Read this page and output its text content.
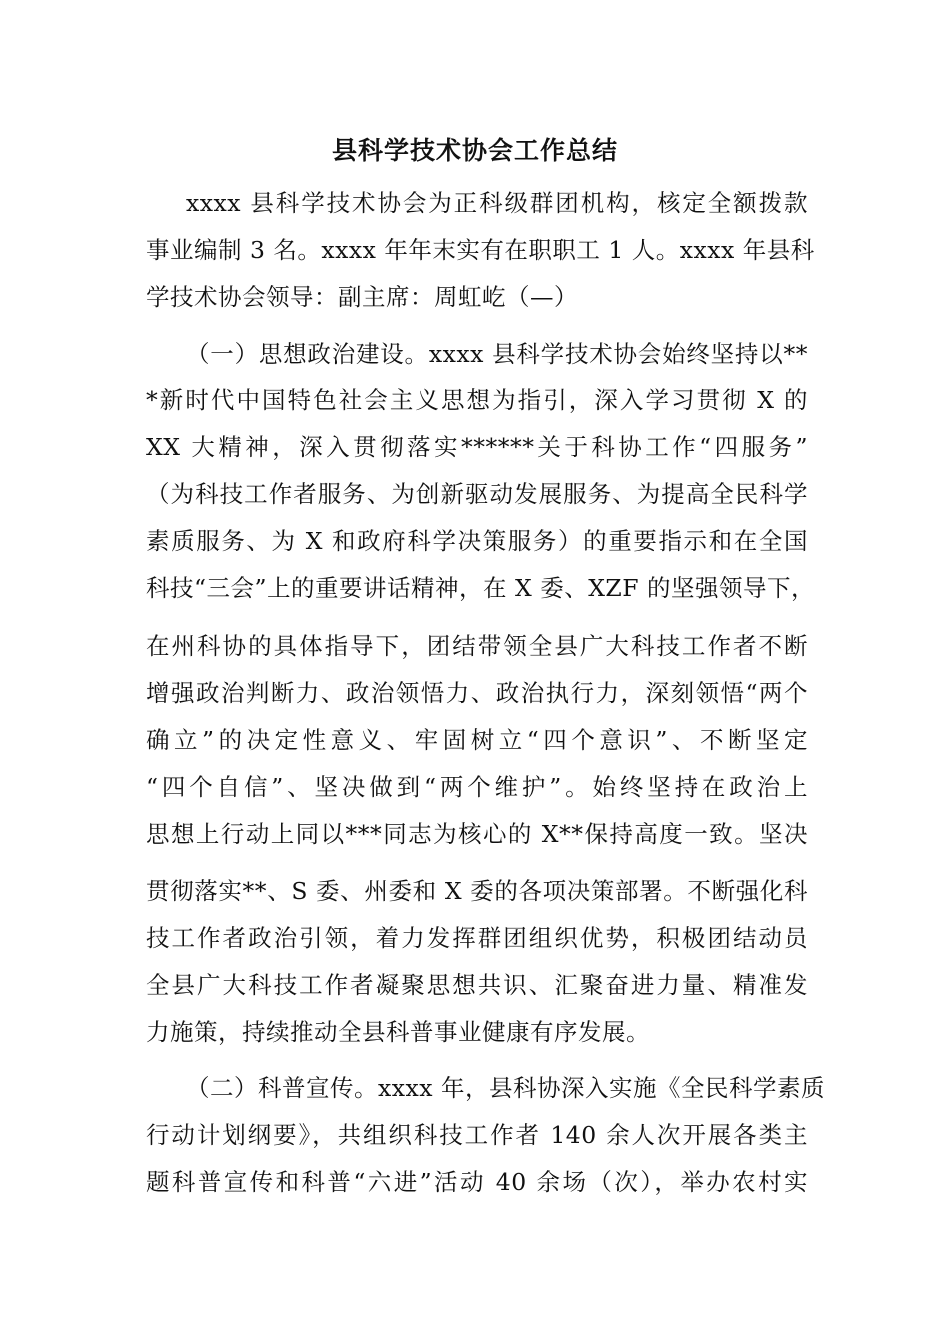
县科学技术协会工作总结
xxxx 县科学技术协会为正科级群团机构，核定全额拨款
事业编制 3 名。xxxx 年年末实有在职职工 1 人。xxxx 年县科
学技术协会领导：副主席：周虹屹（—）
（一）思想政治建设。xxxx 县科学技术协会始终坚持以**
*新时代中国特色社会主义思想为指引，深入学习贯彻 X 的
XX 大精神，深入贯彻落实******关于科协工作“四服务”
（为科技工作者服务、为创新驱动发展服务、为提高全民科学
素质服务、为 X 和政府科学决策服务）的重要指示和在全国
科技“三会”上的重要讲话精神，在 X 委、XZF 的坚强领导下，
在州科协的具体指导下，团结带领全县广大科技工作者不断
增强政治判断力、政治领悟力、政治执行力，深刻领悟“两个
确立”的决定性意义、牢固树立“四个意识”、不断坚定
“四个自信”、坚决做到“两个维护”。始终坚持在政治上
思想上行动上同以***同志为核心的 X**保持高度一致。坚决
贯彻落实**、S 委、州委和 X 委的各项决策部署。不断强化科
技工作者政治引领，着力发挥群团组织优势，积极团结动员
全县广大科技工作者凝聚思想共识、汇聚奋进力量、精准发
力施策，持续推动全县科普事业健康有序发展。
（二）科普宣传。xxxx 年，县科协深入实施《全民科学素质
行动计划纲要》，共组织科技工作者 140 余人次开展各类主
题科普宣传和科普“六进”活动 40 余场（次），举办农村实
